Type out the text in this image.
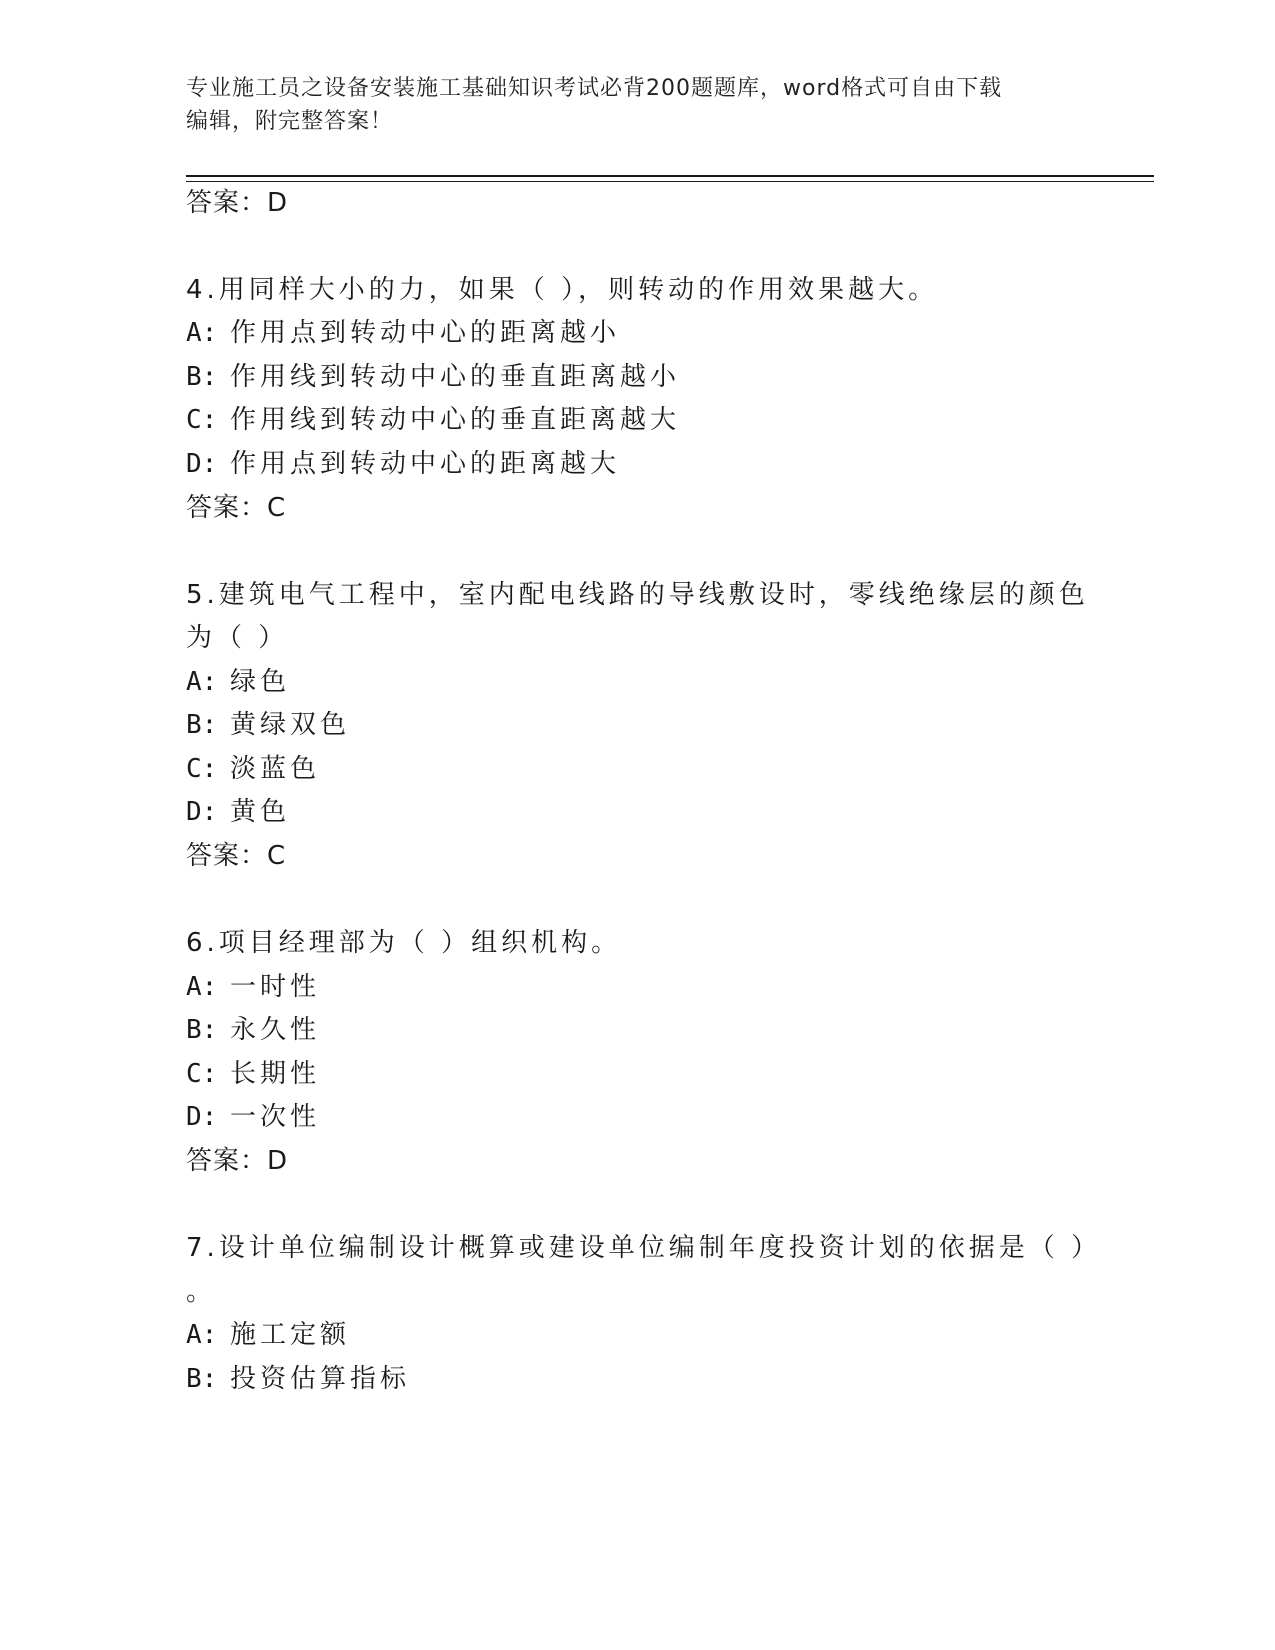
专业施工员之设备安装施工基础知识考试必背200题题库，word格式可自由下载
编辑，附完整答案！
答案：D
4.用同样大小的力，如果（ ），则转动的作用效果越大。
A: 作用点到转动中心的距离越小
B: 作用线到转动中心的垂直距离越小
C: 作用线到转动中心的垂直距离越大
D: 作用点到转动中心的距离越大
答案：C
5.建筑电气工程中，室内配电线路的导线敷设时，零线绝缘层的颜色
为（ ）
A: 绿色
B: 黄绿双色
C: 淡蓝色
D: 黄色
答案：C
6.项目经理部为（ ）组织机构。
A: 一时性
B: 永久性
C: 长期性
D: 一次性
答案：D
7.设计单位编制设计概算或建设单位编制年度投资计划的依据是（ ）
。
A: 施工定额
B: 投资估算指标
